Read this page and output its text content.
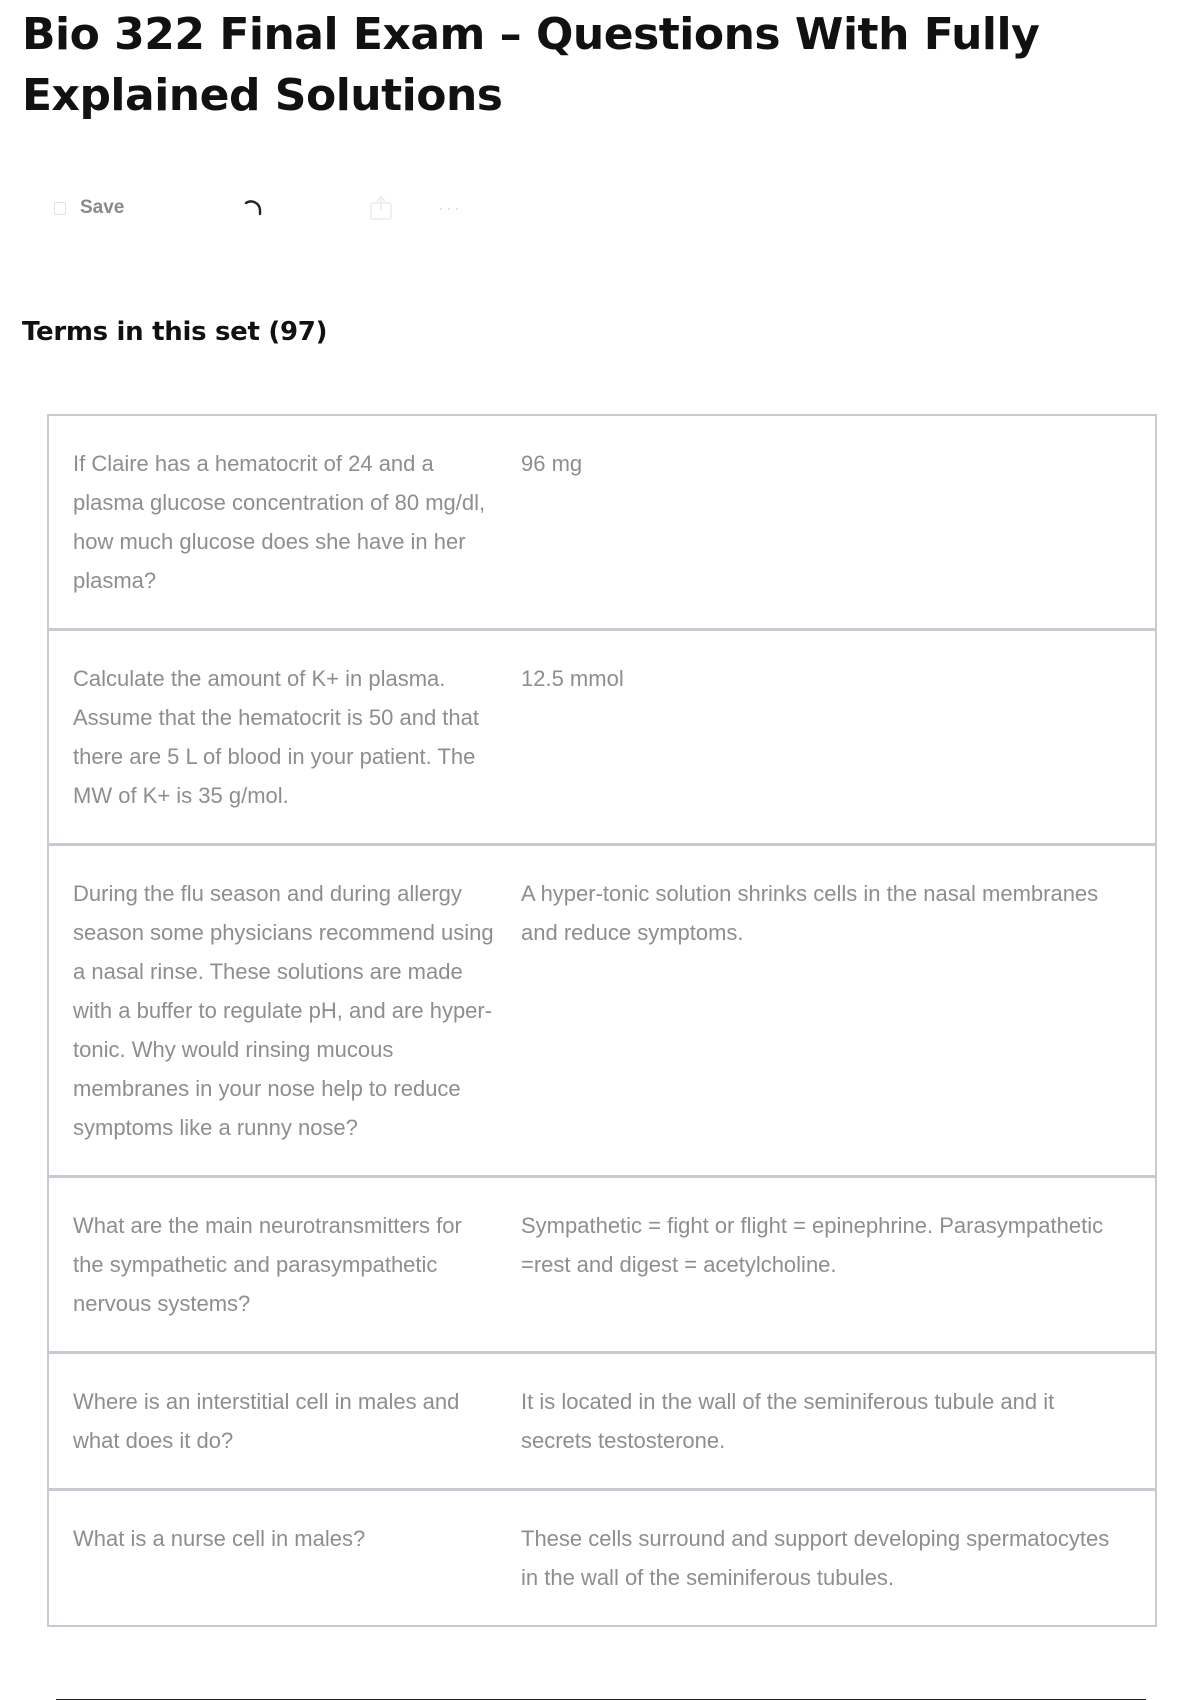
Bio 322 Final Exam – Questions With Fully Explained Solutions
Save	···
Terms in this set (97)
If Claire has a hematocrit of 24 and a plasma glucose concentration of 80 mg/dl, how much glucose does she have in her plasma?
96 mg
Calculate the amount of K+ in plasma. Assume that the hematocrit is 50 and that there are 5 L of blood in your patient. The MW of K+ is 35 g/mol.
12.5 mmol
During the flu season and during allergy season some physicians recommend using a nasal rinse. These solutions are made with a buffer to regulate pH, and are hyper-tonic. Why would rinsing mucous membranes in your nose help to reduce symptoms like a runny nose?
A hyper-tonic solution shrinks cells in the nasal membranes and reduce symptoms.
What are the main neurotransmitters for the sympathetic and parasympathetic nervous systems?
Sympathetic = fight or flight = epinephrine. Parasympathetic =rest and digest = acetylcholine.
Where is an interstitial cell in males and what does it do?
It is located in the wall of the seminiferous tubule and it secrets testosterone.
What is a nurse cell in males?	These cells surround and support developing spermatocytes in the wall of the seminiferous tubules.
